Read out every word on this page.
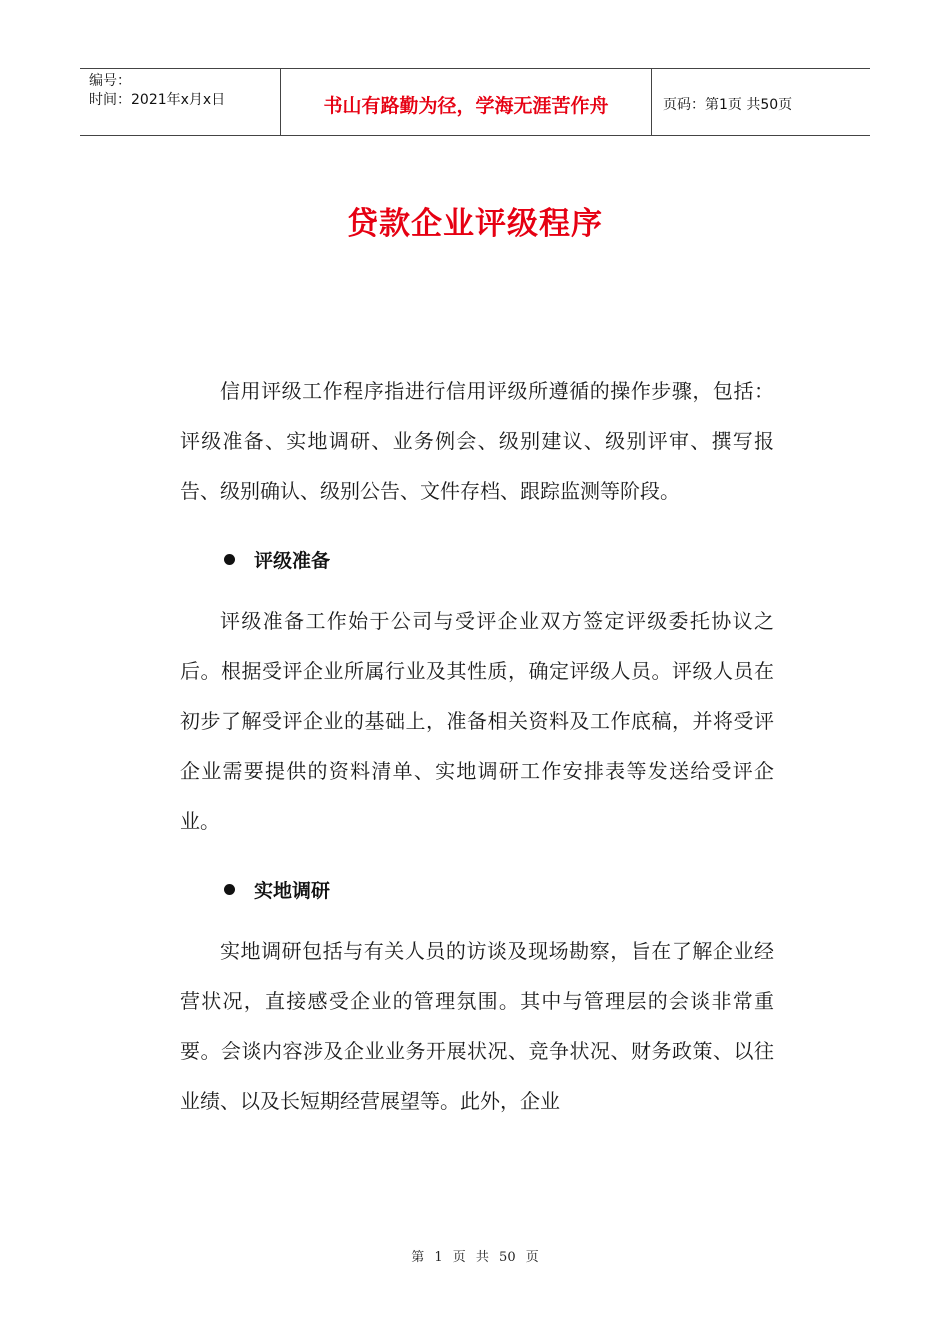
编号：
时间：2021年x月x日	书山有路勤为径，学海无涯苦作舟	页码：第1页 共50页
贷款企业评级程序

信用评级工作程序指进行信用评级所遵循的操作步骤，包括：评级准备、实地调研、业务例会、级别建议、级别评审、撰写报告、级别确认、级别公告、文件存档、跟踪监测等阶段。

评级准备

评级准备工作始于公司与受评企业双方签定评级委托协议之后。根据受评企业所属行业及其性质，确定评级人员。评级人员在初步了解受评企业的基础上，准备相关资料及工作底稿，并将受评企业需要提供的资料清单、实地调研工作安排表等发送给受评企业。

实地调研

实地调研包括与有关人员的访谈及现场勘察，旨在了解企业经营状况，直接感受企业的管理氛围。其中与管理层的会谈非常重要。会谈内容涉及企业业务开展状况、竞争状况、财务政策、以往业绩、以及长短期经营展望等。此外，企业

第 1 页 共 50 页
